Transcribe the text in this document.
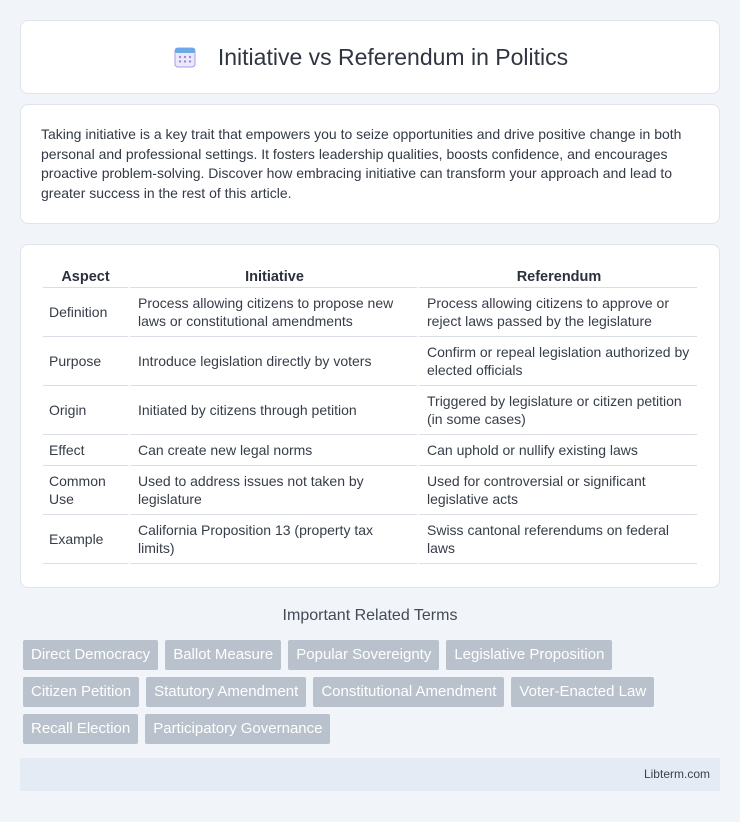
Initiative vs Referendum in Politics

Taking initiative is a key trait that empowers you to seize opportunities and drive positive change in both personal and professional settings. It fosters leadership qualities, boosts confidence, and encourages proactive problem-solving. Discover how embracing initiative can transform your approach and lead to greater success in the rest of this article.

Aspect	Initiative	Referendum
Definition	Process allowing citizens to propose new laws or constitutional amendments	Process allowing citizens to approve or reject laws passed by the legislature
Purpose	Introduce legislation directly by voters	Confirm or repeal legislation authorized by elected officials
Origin	Initiated by citizens through petition	Triggered by legislature or citizen petition (in some cases)
Effect	Can create new legal norms	Can uphold or nullify existing laws
Common Use	Used to address issues not taken by legislature	Used for controversial or significant legislative acts
Example	California Proposition 13 (property tax limits)	Swiss cantonal referendums on federal laws
Important Related Terms
Direct Democracy	Ballot Measure	Popular Sovereignty	Legislative Proposition
Citizen Petition	Statutory Amendment	Constitutional Amendment	Voter-Enacted Law
Recall Election	Participatory Governance
Libterm.com
